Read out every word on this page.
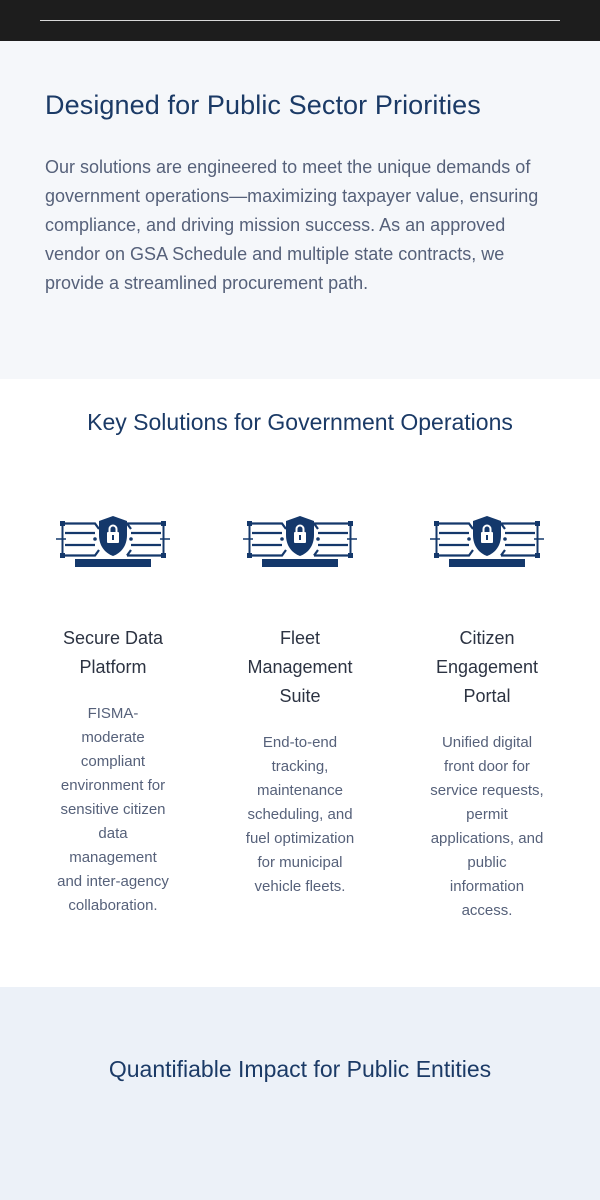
Designed for Public Sector Priorities

Our solutions are engineered to meet the unique demands of government operations—maximizing taxpayer value, ensuring compliance, and driving mission success. As an approved vendor on GSA Schedule and multiple state contracts, we provide a streamlined procurement path.

Key Solutions for Government Operations
Secure Data Platform
FISMA-moderate compliant environment for sensitive citizen data management and inter-agency collaboration.
Fleet Management Suite
End-to-end tracking, maintenance scheduling, and fuel optimization for municipal vehicle fleets.
Citizen Engagement Portal
Unified digital front door for service requests, permit applications, and public information access.
Quantifiable Impact for Public Entities
